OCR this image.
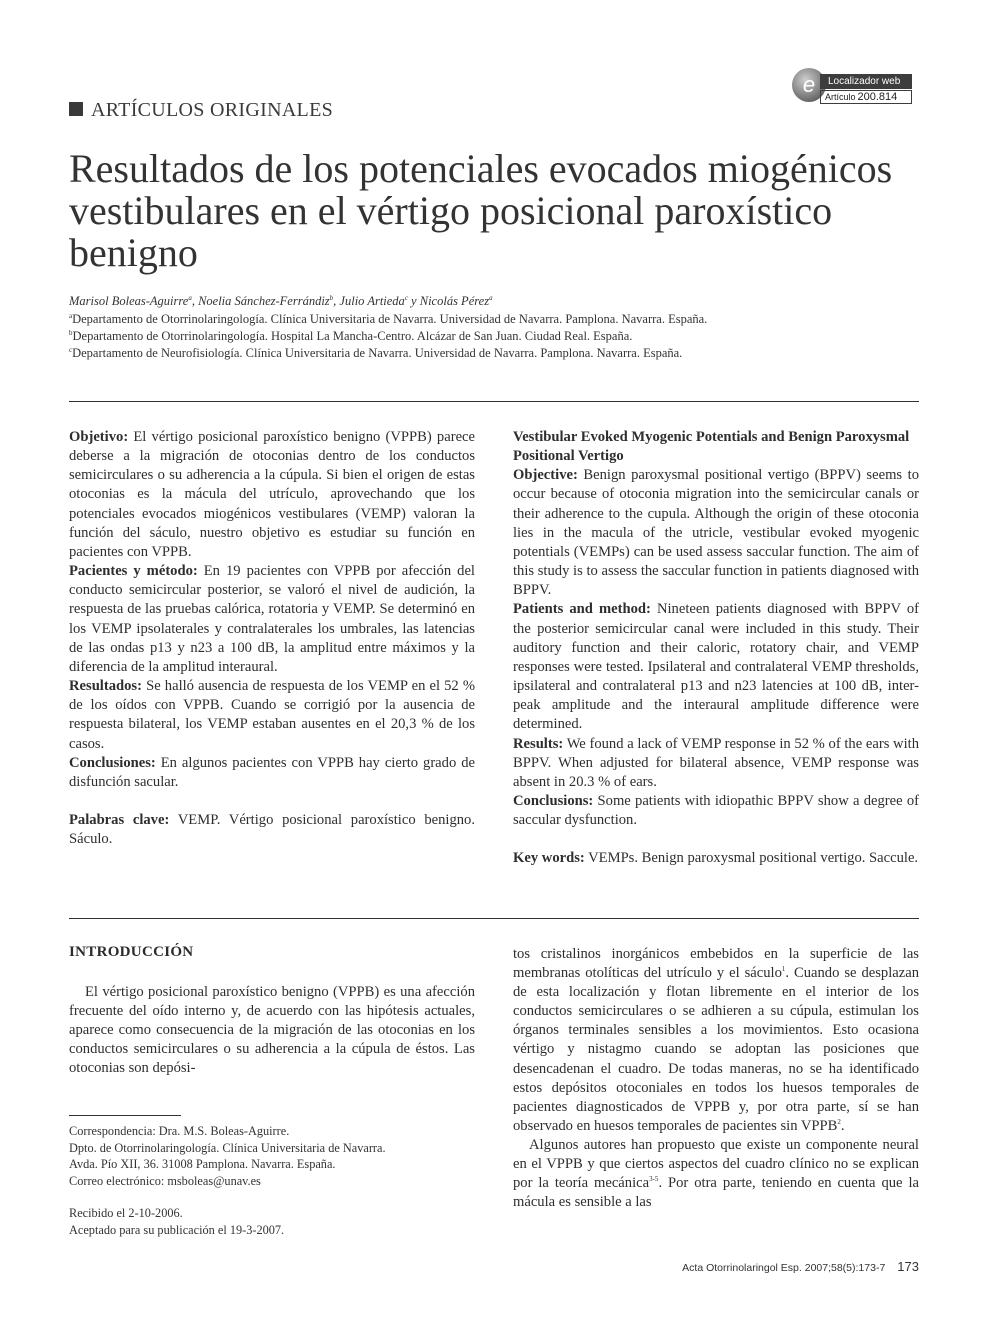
ARTÍCULOS ORIGINALES
e	Localizador web
Artículo 200.814
Resultados de los potenciales evocados miogénicos vestibulares en el vértigo posicional paroxístico benigno
Marisol Boleas-Aguirre$^a$, Noelia Sánchez-Ferrándiz$^b$, Julio Artieda$^c$ y Nicolás Pérez$^a$
$^a$Departamento de Otorrinolaringología. Clínica Universitaria de Navarra. Universidad de Navarra. Pamplona. Navarra. España.
$^b$Departamento de Otorrinolaringología. Hospital La Mancha-Centro. Alcázar de San Juan. Ciudad Real. España.
$^c$Departamento de Neurofisiología. Clínica Universitaria de Navarra. Universidad de Navarra. Pamplona. Navarra. España.

Objetivo: El vértigo posicional paroxístico benigno (VPPB) parece deberse a la migración de otoconias dentro de los conductos semicirculares o su adherencia a la cúpula. Si bien el origen de estas otoconias es la mácula del utrículo, aprovechando que los potenciales evocados miogénicos vestibulares (VEMP) valoran la función del sáculo, nuestro objetivo es estudiar su función en pacientes con VPPB.

Pacientes y método: En 19 pacientes con VPPB por afección del conducto semicircular posterior, se valoró el nivel de audición, la respuesta de las pruebas calórica, rotatoria y VEMP. Se determinó en los VEMP ipsolaterales y contralaterales los umbrales, las latencias de las ondas p13 y n23 a 100 dB, la amplitud entre máximos y la diferencia de la amplitud interaural.

Resultados: Se halló ausencia de respuesta de los VEMP en el 52 % de los oídos con VPPB. Cuando se corrigió por la ausencia de respuesta bilateral, los VEMP estaban ausentes en el 20,3 % de los casos.

Conclusiones: En algunos pacientes con VPPB hay cierto grado de disfunción sacular.

Palabras clave: VEMP. Vértigo posicional paroxístico benigno. Sáculo.

Vestibular Evoked Myogenic Potentials and Benign Paroxysmal Positional Vertigo

Objective: Benign paroxysmal positional vertigo (BPPV) seems to occur because of otoconia migration into the semicircular canals or their adherence to the cupula. Although the origin of these otoconia lies in the macula of the utricle, vestibular evoked myogenic potentials (VEMPs) can be used assess saccular function. The aim of this study is to assess the saccular function in patients diagnosed with BPPV.

Patients and method: Nineteen patients diagnosed with BPPV of the posterior semicircular canal were included in this study. Their auditory function and their caloric, rotatory chair, and VEMP responses were tested. Ipsilateral and contralateral VEMP thresholds, ipsilateral and contralateral p13 and n23 latencies at 100 dB, inter-peak amplitude and the interaural amplitude difference were determined.

Results: We found a lack of VEMP response in 52 % of the ears with BPPV. When adjusted for bilateral absence, VEMP response was absent in 20.3 % of ears.

Conclusions: Some patients with idiopathic BPPV show a degree of saccular dysfunction.

Key words: VEMPs. Benign paroxysmal positional vertigo. Saccule.

INTRODUCCIÓN

El vértigo posicional paroxístico benigno (VPPB) es una afección frecuente del oído interno y, de acuerdo con las hipótesis actuales, aparece como consecuencia de la migración de las otoconias en los conductos semicirculares o su adherencia a la cúpula de éstos. Las otoconias son depósi-

tos cristalinos inorgánicos embebidos en la superficie de las membranas otolíticas del utrículo y el sáculo$^1$. Cuando se desplazan de esta localización y flotan libremente en el interior de los conductos semicirculares o se adhieren a su cúpula, estimulan los órganos terminales sensibles a los movimientos. Esto ocasiona vértigo y nistagmo cuando se adoptan las posiciones que desencadenan el cuadro. De todas maneras, no se ha identificado estos depósitos otoconiales en todos los huesos temporales de pacientes diagnosticados de VPPB y, por otra parte, sí se han observado en huesos temporales de pacientes sin VPPB$^2$.

Algunos autores han propuesto que existe un componente neural en el VPPB y que ciertos aspectos del cuadro clínico no se explican por la teoría mecánica$^{3-5}$. Por otra parte, teniendo en cuenta que la mácula es sensible a las

Correspondencia: Dra. M.S. Boleas-Aguirre.
Dpto. de Otorrinolaringología. Clínica Universitaria de Navarra.
Avda. Pío XII, 36. 31008 Pamplona. Navarra. España.
Correo electrónico: msboleas@unav.es
Recibido el 2-10-2006.
Aceptado para su publicación el 19-3-2007.
Acta Otorrinolaringol Esp. 2007;58(5):173-7 173
